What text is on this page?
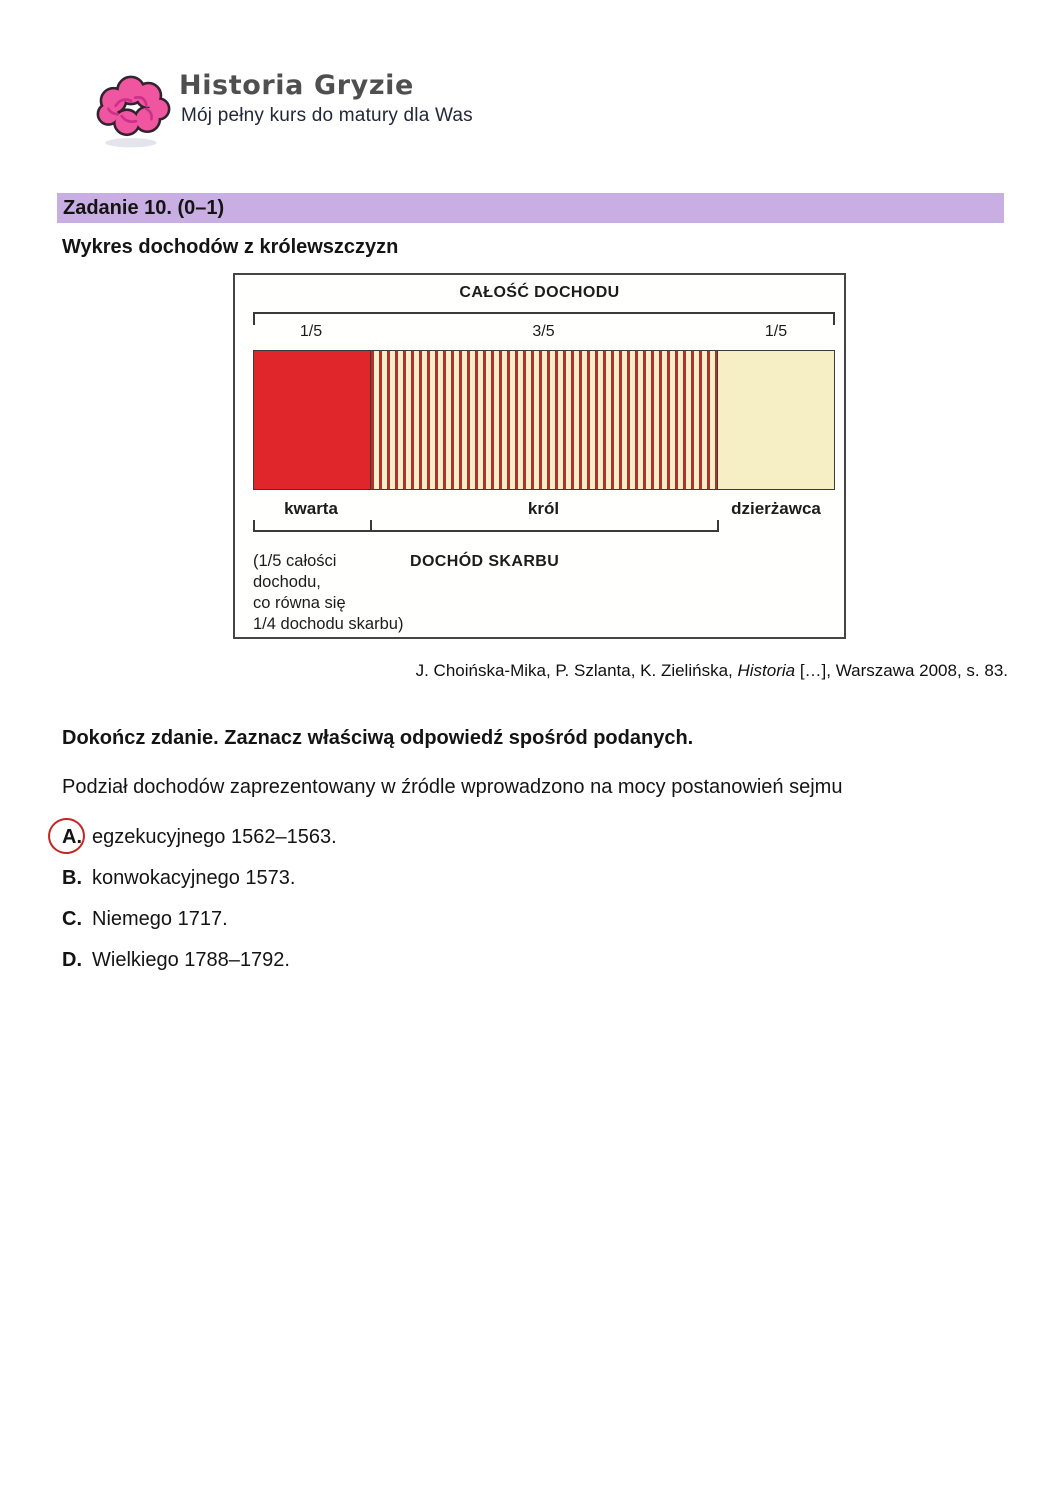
Historia Gryzie
Mój pełny kurs do matury dla Was
Zadanie 10. (0–1)
Wykres dochodów z królewszczyzn
CAŁOŚĆ DOCHODU
1/5	3/5	1/5
kwarta	król	dzierżawca
(1/5 całości
dochodu,
co równa się
1/4 dochodu skarbu)
DOCHÓD SKARBU
J. Choińska-Mika, P. Szlanta, K. Zielińska, Historia […], Warszawa 2008, s. 83.
Dokończ zdanie. Zaznacz właściwą odpowiedź spośród podanych.
Podział dochodów zaprezentowany w źródle wprowadzono na mocy postanowień sejmu
A. egzekucyjnego 1562–1563.
B. konwokacyjnego 1573.
C. Niemego 1717.
D. Wielkiego 1788–1792.
